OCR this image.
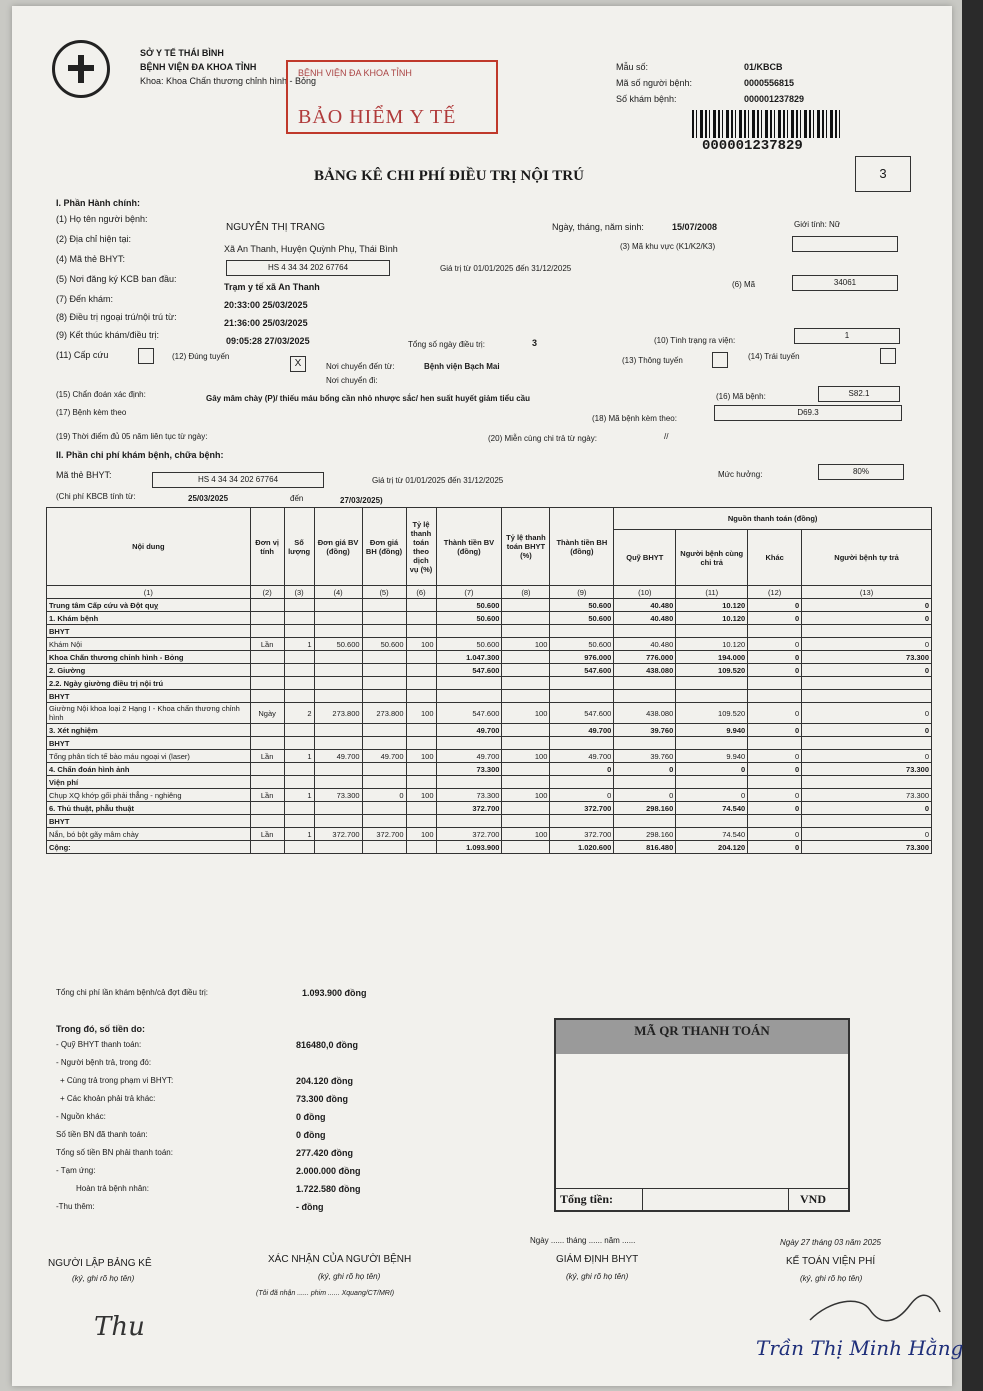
SỞ Y TẾ THÁI BÌNH
BỆNH VIỆN ĐA KHOA TỈNH
Khoa: Khoa Chấn thương chỉnh hình - Bỏng
BỆNH VIỆN ĐA KHOA TỈNH
BẢO HIỂM Y TẾ
Mẫu số:	01/KBCB
Mã số người bệnh:	0000556815
Số khám bệnh:	000001237829
000001237829
3
BẢNG KÊ CHI PHÍ ĐIỀU TRỊ NỘI TRÚ
I. Phần Hành chính:
(1) Họ tên người bệnh:
NGUYỄN THỊ TRANG	Ngày, tháng, năm sinh:	15/07/2008	Giới tính: Nữ
(2) Địa chỉ hiện tại:
Xã An Thanh, Huyện Quỳnh Phụ, Thái Bình	(3) Mã khu vực (K1/K2/K3)
(4) Mã thẻ BHYT:
HS 4 34 34 202 67764	Giá trị từ 01/01/2025 đến 31/12/2025
(5) Nơi đăng ký KCB ban đầu:
Trạm y tế xã An Thanh	(6) Mã	34061
(7) Đến khám:
20:33:00 25/03/2025
(8) Điều trị ngoại trú/nội trú từ:
21:36:00 25/03/2025
(9) Kết thúc khám/điều trị:
09:05:28 27/03/2025	Tổng số ngày điều trị:	3	(10) Tình trạng ra viện:
1
(11) Cấp cứu	(12) Đúng tuyến
X	Nơi chuyển đến từ:	Bệnh viện Bạch Mai
Nơi chuyển đi:
(13) Thông tuyến	(14) Trái tuyến
(15) Chẩn đoán xác định:	Gây mâm chày (P)/ thiếu máu bổng cần nhỏ nhược sắc/ hen suất huyết giảm tiểu cầu	(16) Mã bệnh:	S82.1
(17) Bệnh kèm theo
(18) Mã bệnh kèm theo:
D69.3
(19) Thời điểm đủ 05 năm liên tục từ ngày:	(20) Miễn cùng chi trả từ ngày:	//
II. Phần chi phí khám bệnh, chữa bệnh:
Mã thẻ BHYT:	HS 4 34 34 202 67764	Giá trị từ 01/01/2025 đến 31/12/2025
Mức hưởng:	80%
(Chi phí KBCB tính từ:	25/03/2025	đến	27/03/2025)
Nội dung	Đơn vị tính	Số lượng	Đơn giá BV (đồng)	Đơn giá BH (đồng)	Tỷ lệ thanh toán theo dịch vụ (%)	Thành tiền BV (đồng)	Tỷ lệ thanh toán BHYT (%)	Thành tiền BH (đồng)	Nguồn thanh toán (đồng)			
									Quỹ BHYT	Người bệnh cùng chi trả	Khác	Người bệnh tự trả
(1)	(2)	(3)	(4)	(5)	(6)	(7)	(8)	(9)	(10)	(11)	(12)	(13)
Trung tâm Cấp cứu và Đột quỵ						50.600		50.600	40.480	10.120	0	0
1. Khám bệnh						50.600		50.600	40.480	10.120	0	0
BHYT												
Khám Nội	Lần	1	50.600	50.600	100	50.600	100	50.600	40.480	10.120	0	0
Khoa Chấn thương chỉnh hình - Bỏng						1.047.300		976.000	776.000	194.000	0	73.300
2. Giường						547.600		547.600	438.080	109.520	0	0
2.2. Ngày giường điều trị nội trú												
BHYT												
Giường Nội khoa loại 2 Hạng I - Khoa chấn thương chỉnh hình	Ngày	2	273.800	273.800	100	547.600	100	547.600	438.080	109.520	0	0
3. Xét nghiệm						49.700		49.700	39.760	9.940	0	0
BHYT												
Tổng phân tích tế bào máu ngoại vi (laser)	Lần	1	49.700	49.700	100	49.700	100	49.700	39.760	9.940	0	0
4. Chẩn đoán hình ảnh						73.300		0	0	0	0	73.300
Viện phí												
Chụp XQ khớp gối phải thẳng - nghiêng	Lần	1	73.300	0	100	73.300	100	0	0	0	0	73.300
6. Thủ thuật, phẫu thuật						372.700		372.700	298.160	74.540	0	0
BHYT												
Nắn, bó bột gãy mâm chày	Lần	1	372.700	372.700	100	372.700	100	372.700	298.160	74.540	0	0
Cộng:						1.093.900		1.020.600	816.480	204.120	0	73.300
Tổng chi phí lần khám bệnh/cả đợt điều trị:	1.093.900 đồng
Trong đó, số tiền do:
- Quỹ BHYT thanh toán:	816480,0 đồng
- Người bệnh trả, trong đó:
+ Cùng trả trong phạm vi BHYT:	204.120 đồng
+ Các khoản phải trả khác:	73.300 đồng
- Nguồn khác:	0 đồng
Số tiền BN đã thanh toán:	0 đồng
Tổng số tiền BN phải thanh toán:	277.420 đồng
- Tạm ứng:	2.000.000 đồng
Hoàn trả bệnh nhân:	1.722.580 đồng
-Thu thêm:	- đồng
MÃ QR THANH TOÁN
Tổng tiền:	VND
Ngày ...... tháng ...... năm ......	Ngày 27 tháng 03 năm 2025
NGƯỜI LẬP BẢNG KÊ
(ký, ghi rõ họ tên)
XÁC NHẬN CỦA NGƯỜI BỆNH
(ký, ghi rõ họ tên)
(Tôi đã nhận ...... phim ...... Xquang/CT/MRI)
GIÁM ĐỊNH BHYT
(ký, ghi rõ họ tên)
KẾ TOÁN VIỆN PHÍ
(ký, ghi rõ họ tên)
Thu
Trần Thị Minh Hằng
